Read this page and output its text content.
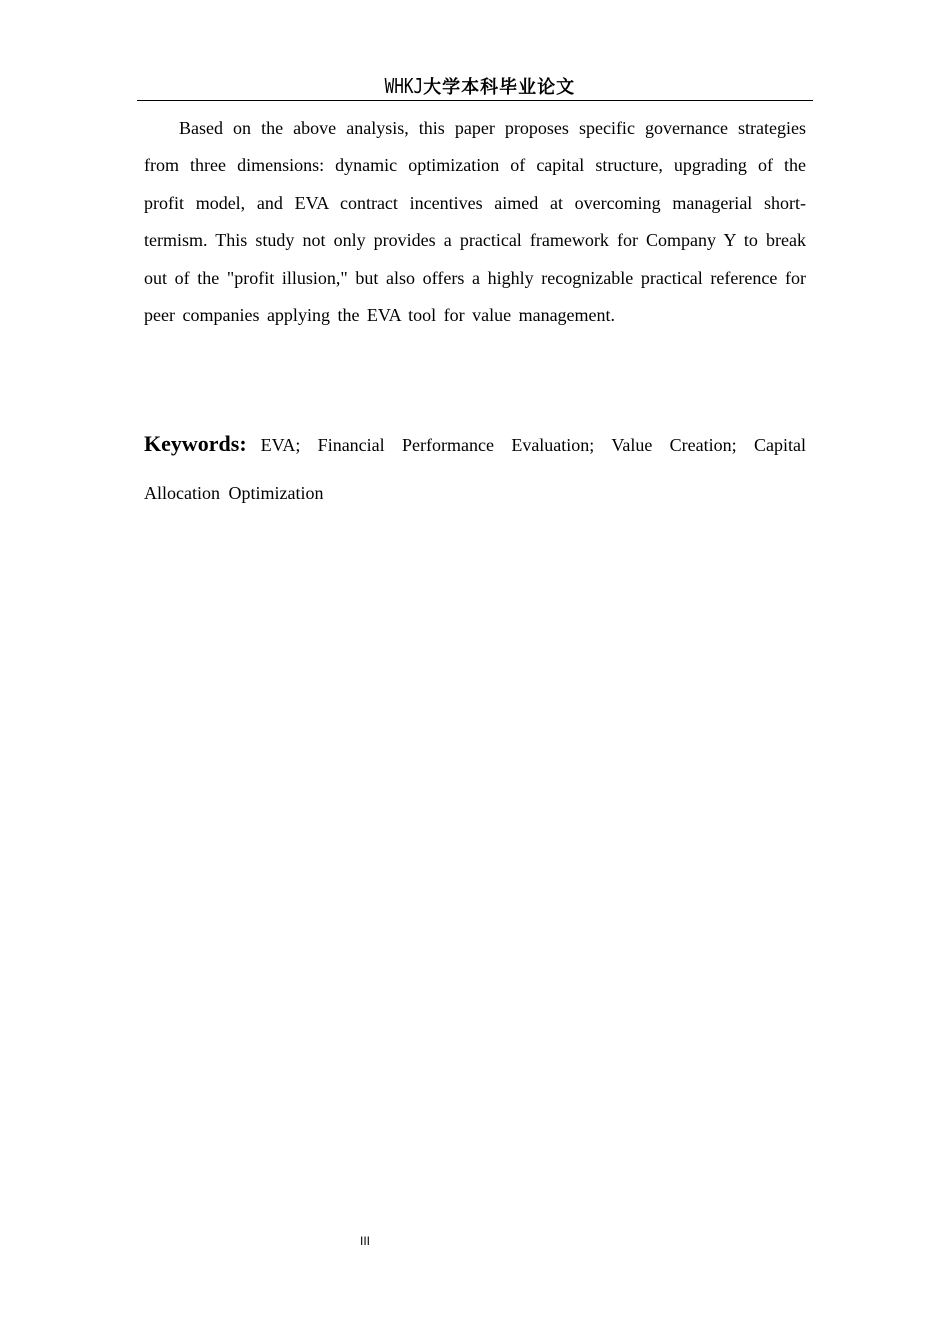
WHKJ大学本科毕业论文

Based on the above analysis, this paper proposes specific governance strategies from three dimensions: dynamic optimization of capital structure, upgrading of the profit model, and EVA contract incentives aimed at overcoming managerial short-termism. This study not only provides a practical framework for Company Y to break out of the "profit illusion," but also offers a highly recognizable practical reference for peer companies applying the EVA tool for value management.

Keywords: EVA; Financial Performance Evaluation; Value Creation; Capital Allocation Optimization

III
